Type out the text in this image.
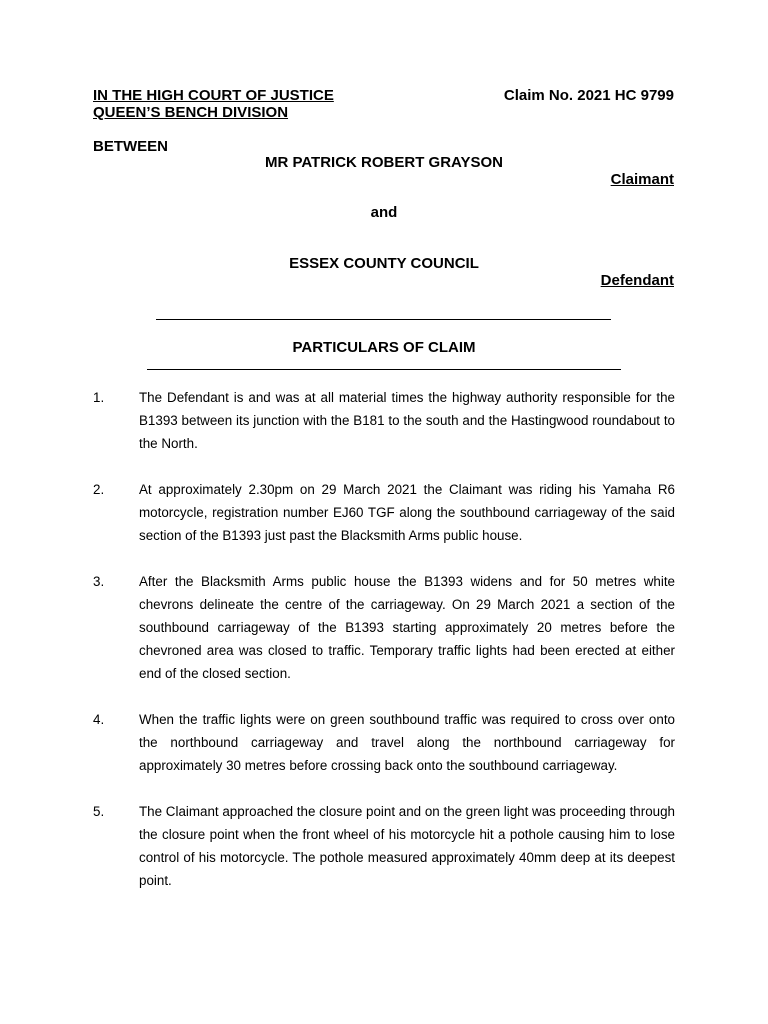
IN THE HIGH COURT OF JUSTICE
QUEEN’S BENCH DIVISION
Claim No. 2021 HC 9799
BETWEEN
MR PATRICK ROBERT GRAYSON
Claimant
and
ESSEX COUNTY COUNCIL
Defendant
PARTICULARS OF CLAIM
1.	The Defendant is and was at all material times the highway authority responsible for the B1393 between its junction with the B181 to the south and the Hastingwood roundabout to the North.
2.	At approximately 2.30pm on 29 March 2021 the Claimant was riding his Yamaha R6 motorcycle, registration number EJ60 TGF along the southbound carriageway of the said section of the B1393 just past the Blacksmith Arms public house.
3.	After the Blacksmith Arms public house the B1393 widens and for 50 metres white chevrons delineate the centre of the carriageway. On 29 March 2021 a section of the southbound carriageway of the B1393 starting approximately 20 metres before the chevroned area was closed to traffic. Temporary traffic lights had been erected at either end of the closed section.
4.	When the traffic lights were on green southbound traffic was required to cross over onto the northbound carriageway and travel along the northbound carriageway for approximately 30 metres before crossing back onto the southbound carriageway.
5.	The Claimant approached the closure point and on the green light was proceeding through the closure point when the front wheel of his motorcycle hit a pothole causing him to lose control of his motorcycle. The pothole measured approximately 40mm deep at its deepest point.
